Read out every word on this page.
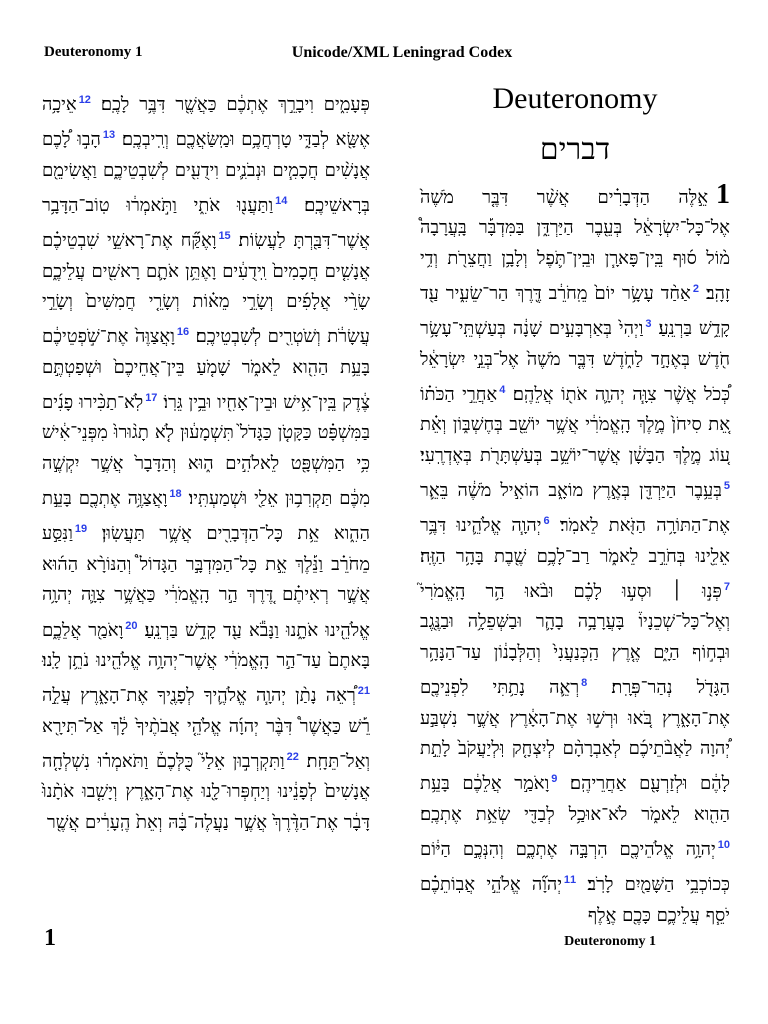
Deuteronomy 1	Unicode/XML Leningrad Codex
Deuteronomy
דברים
1אֵ֣לֶּה הַדְּבָרִ֗ים אֲשֶׁ֨ר דִּבֶּ֤ר מֹשֶׁה֙ אֶל־כָּל־יִשְׂרָאֵ֔ל בְּעֵ֖בֶר הַיַּרְדֵּ֑ן בַּמִּדְבָּ֡ר בָּֽעֲרָבָה֩ מ֨וֹל ס֜וּף בֵּֽין־פָּארָ֧ן וּבֵֽין־תֹּ֛פֶל וְלָבָ֥ן וַחֲצֵרֹ֖ת וְדִ֥י זָהָֽב׃ $^2$אַחַ֨ד עָשָׂ֥ר יוֹם֙ מֵֽחֹרֵ֔ב דֶּ֖רֶךְ הַר־שֵׂעִ֑יר עַ֖ד קָדֵ֥שׁ בַּרְנֵֽעַ׃ $^3$וַיְהִי֙ בְּאַרְבָּעִ֣ים שָׁנָ֔ה בְּעַשְׁתֵּֽי־עָשָׂ֥ר חֹ֖דֶשׁ בְּאֶחָ֣ד לַחֹ֑דֶשׁ דִּבֶּ֤ר מֹשֶׁה֙ אֶל־בְּנֵ֣י יִשְׂרָאֵ֔ל כְּ֠כֹל אֲשֶׁ֨ר צִוָּ֧ה יְהוָ֛ה אֹת֖וֹ אֲלֵהֶֽם׃ $^4$אַחֲרֵ֣י הַכֹּת֗וֹ אֵ֚ת סִיחֹן֙ מֶ֣לֶךְ הָֽאֱמֹרִ֔י אֲשֶׁ֥ר יוֹשֵׁ֖ב בְּחֶשְׁבּ֑וֹן וְאֵ֗ת ע֚וֹג מֶ֣לֶךְ הַבָּשָׁ֔ן אֲשֶׁר־יוֹשֵׁ֥ב בְּעַשְׁתָּרֹ֖ת בְּאֶדְרֶֽעִי׃ $^5$בְּעֵ֥בֶר הַיַּרְדֵּ֖ן בְּאֶ֣רֶץ מוֹאָ֑ב הוֹאִ֣יל מֹשֶׁ֔ה בֵּאֵ֛ר אֶת־הַתּוֹרָ֥ה הַזֹּ֖את לֵאמֹֽר׃ $^6$יְהוָ֧ה אֱלֹהֵ֛ינוּ דִּבֶּ֥ר אֵלֵ֖ינוּ בְּחֹרֵ֣ב לֵאמֹ֑ר רַב־לָכֶ֥ם שֶׁ֖בֶת בָּהָ֥ר הַזֶּֽה׃ $^7$פְּנ֣וּ ׀ וּסְע֣וּ לָכֶ֗ם וּבֹ֨אוּ הַ֥ר הָֽאֱמֹרִי֮ וְאֶל־כָּל־שְׁכֵנָיו֒ בָּעֲרָבָ֥ה בָהָ֛ר וּבַשְּׁפֵלָ֥ה וּבַנֶּ֖גֶב וּבְח֣וֹף הַיָּ֑ם אֶ֤רֶץ הַֽכְּנַעֲנִי֙ וְהַלְּבָנ֔וֹן עַד־הַנָּהָ֥ר הַגָּדֹ֖ל נְהַר־פְּרָֽת׃ $^8$רְאֵ֛ה נָתַ֥תִּי לִפְנֵיכֶ֖ם אֶת־הָאָ֑רֶץ בֹּ֚אוּ וּרְשׁ֣וּ אֶת־הָאָ֔רֶץ אֲשֶׁ֣ר נִשְׁבַּ֣ע יְ֠הוָה לַאֲבֹ֨תֵיכֶ֜ם לְאַבְרָהָ֨ם לְיִצְחָ֤ק וּֽלְיַעֲקֹב֙ לָתֵ֣ת לָהֶ֔ם וּלְזַרְעָ֖ם אַחֲרֵיהֶֽם׃ $^9$וָאֹמַ֣ר אֲלֵכֶ֔ם בָּעֵ֥ת הַהִ֖וא לֵאמֹ֑ר לֹא־אוּכַ֥ל לְבַדִּ֖י שְׂאֵ֥ת אֶתְכֶֽם׃ $^{10}$יְהוָ֥ה אֱלֹהֵיכֶ֖ם הִרְבָּ֣ה אֶתְכֶ֑ם וְהִנְּכֶ֣ם הַיּ֔וֹם כְּכוֹכְבֵ֥י הַשָּׁמַ֖יִם לָרֹֽב׃ $^{11}$יְהוָ֞ה אֱלֹהֵ֣י אֲבֽוֹתֵכֶ֗ם יֹסֵ֧ף עֲלֵיכֶ֛ם כָּכֶ֖ם אֶ֣לֶף
פְּעָמִ֑ים וִיבָרֵ֣ךְ אֶתְכֶ֔ם כַּאֲשֶׁ֖ר דִּבֶּ֥ר לָכֶֽם׃ $^{12}$אֵיכָ֥ה אֶשָּׂ֖א לְבַדִּ֑י טָרְחֲכֶ֥ם וּמַֽשַּׂאֲכֶ֖ם וְרִֽיבְכֶֽם׃ $^{13}$הָב֣וּ לָ֠כֶם אֲנָשִׁ֨ים חֲכָמִ֧ים וּנְבֹנִ֛ים וִידֻעִ֖ים לְשִׁבְטֵיכֶ֑ם וַאֲשִׂימֵ֖ם בְּרָאשֵׁיכֶֽם׃ $^{14}$וַתַּעֲנ֖וּ אֹתִ֑י וַתֹּ֣אמְר֔וּ טֽוֹב־הַדָּבָ֥ר אֲשֶׁר־דִּבַּ֖רְתָּ לַעֲשֽׂוֹת׃ $^{15}$וָאֶקַּ֞ח אֶת־רָאשֵׁ֣י שִׁבְטֵיכֶ֗ם אֲנָשִׁ֤ים חֲכָמִים֙ וִֽידֻעִ֔ים וָאֶתֵּ֥ן אֹתָ֛ם רָאשִׁ֖ים עֲלֵיכֶ֑ם שָׂרֵ֨י אֲלָפִ֜ים וְשָׂרֵ֣י מֵא֗וֹת וְשָׂרֵ֤י חֲמִשִּׁים֙ וְשָׂרֵ֣י עֲשָׂרֹ֔ת וְשֹׁטְרִ֖ים לְשִׁבְטֵיכֶֽם׃ $^{16}$וָאֲצַוֶּה֙ אֶת־שֹׁ֣פְטֵיכֶ֔ם בָּעֵ֥ת הַהִ֖וא לֵאמֹ֑ר שָׁמֹ֤עַ בֵּין־אֲחֵיכֶם֙ וּשְׁפַטְתֶּ֣ם צֶ֔דֶק בֵּֽין־אִ֥ישׁ וּבֵין־אָחִ֖יו וּבֵ֥ין גֵּרֽוֹ׃ $^{17}$לֹֽא־תַכִּ֨ירוּ פָנִ֜ים בַּמִּשְׁפָּ֗ט כַּקָּטֹ֤ן כַּגָּדֹל֙ תִּשְׁמָע֔וּן לֹ֤א תָג֨וּרוּ֙ מִפְּנֵי־אִ֔ישׁ כִּ֥י הַמִּשְׁפָּ֖ט לֵאלֹהִ֣ים ה֑וּא וְהַדָּבָר֙ אֲשֶׁ֣ר יִקְשֶׁ֣ה מִכֶּ֔ם תַּקְרִב֥וּן אֵלַ֖י וּשְׁמַעְתִּֽיו׃ $^{18}$וָאֲצַוֶּ֥ה אֶתְכֶ֖ם בָּעֵ֣ת הַהִ֑וא אֵ֥ת כָּל־הַדְּבָרִ֖ים אֲשֶׁ֥ר תַּעֲשֽׂוּן׃ $^{19}$וַנִּסַּ֣ע מֵחֹרֵ֗ב וַנֵּ֡לֶךְ אֵ֣ת כָּל־הַמִּדְבָּ֣ר הַגָּדוֹל֩ וְהַנּוֹרָ֨א הַה֜וּא אֲשֶׁ֣ר רְאִיתֶ֗ם דֶּ֚רֶךְ הַ֣ר הָֽאֱמֹרִ֔י כַּאֲשֶׁ֥ר צִוָּ֛ה יְהוָ֥ה אֱלֹהֵ֖ינוּ אֹתָ֑נוּ וַנָּבֹ֕א עַ֖ד קָדֵ֥שׁ בַּרְנֵֽעַ׃ $^{20}$וָאֹמַ֖ר אֲלֵכֶ֑ם בָּאתֶם֙ עַד־הַ֣ר הָֽאֱמֹרִ֔י אֲשֶׁר־יְהוָ֥ה אֱלֹהֵ֖ינוּ נֹתֵ֥ן לָֽנוּ׃ $^{21}$רְ֠אֵה נָתַ֨ן יְהוָ֧ה אֱלֹהֶ֛יךָ לְפָנֶ֖יךָ אֶת־הָאָ֑רֶץ עֲלֵ֣ה רֵ֡שׁ כַּאֲשֶׁר֩ דִּבֶּ֨ר יְהוָ֜ה אֱלֹהֵ֤י אֲבֹתֶ֨יךָ֙ לָ֔ךְ אַל־תִּירָ֖א וְאַל־תֵּחָֽת׃ $^{22}$וַתִּקְרְב֣וּן אֵלַי֮ כֻּלְּכֶם֒ וַתֹּאמְר֗וּ נִשְׁלְחָ֤ה אֲנָשִׁים֙ לְפָנֵ֔ינוּ וְיַחְפְּרוּ־לָ֖נוּ אֶת־הָאָ֑רֶץ וְיָשִׁ֤בוּ אֹתָ֨נוּ֙ דָּבָ֔ר אֶת־הַדֶּ֨רֶךְ֙ אֲשֶׁ֣ר נַעֲלֶה־בָּ֔הּ וְאֵת֙ הֶֽעָרִ֔ים אֲשֶׁ֖ר
1	Deuteronomy 1
